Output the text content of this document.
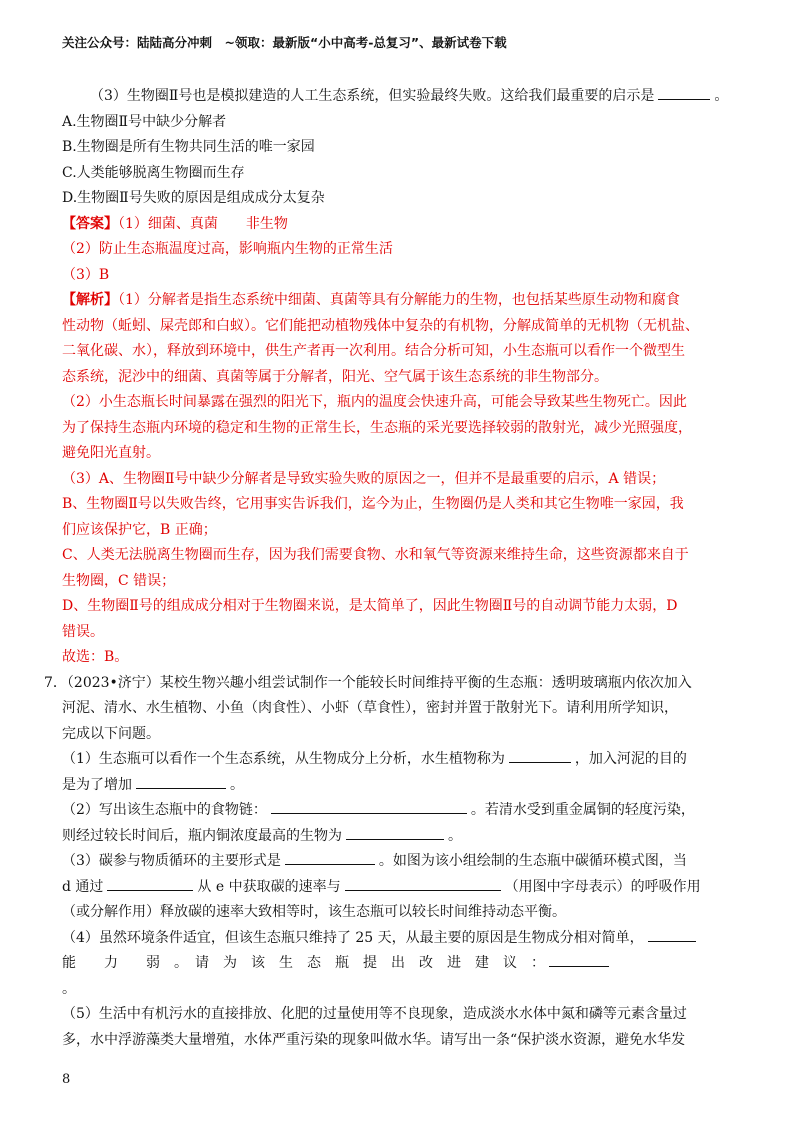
关注公众号：陆陆高分冲刺　~领取：最新版“小中高考-总复习”、最新试卷下载
（3）生物圈Ⅱ号也是模拟建造的人工生态系统，但实验最终失败。这给我们最重要的启示是	。
A.生物圈Ⅱ号中缺少分解者
B.生物圈是所有生物共同生活的唯一家园
C.人类能够脱离生物圈而生存
D.生物圈Ⅱ号失败的原因是组成成分太复杂
【答案】（1）细菌、真菌　　非生物
（2）防止生态瓶温度过高，影响瓶内生物的正常生活
（3）B
【解析】（1）分解者是指生态系统中细菌、真菌等具有分解能力的生物，也包括某些原生动物和腐食
性动物（蚯蚓、屎壳郎和白蚁）。它们能把动植物残体中复杂的有机物，分解成简单的无机物（无机盐、
二氧化碳、水），释放到环境中，供生产者再一次利用。结合分析可知，小生态瓶可以看作一个微型生
态系统，泥沙中的细菌、真菌等属于分解者，阳光、空气属于该生态系统的非生物部分。
（2）小生态瓶长时间暴露在强烈的阳光下，瓶内的温度会快速升高，可能会导致某些生物死亡。因此
为了保持生态瓶内环境的稳定和生物的正常生长，生态瓶的采光要选择较弱的散射光，减少光照强度，
避免阳光直射。
（3）A、生物圈Ⅱ号中缺少分解者是导致实验失败的原因之一，但并不是最重要的启示，A 错误；
B、生物圈Ⅱ号以失败告终，它用事实告诉我们，迄今为止，生物圈仍是人类和其它生物唯一家园，我
们应该保护它，B 正确；
C、人类无法脱离生物圈而生存，因为我们需要食物、水和氧气等资源来维持生命，这些资源都来自于
生物圈，C 错误；
D、生物圈Ⅱ号的组成成分相对于生物圈来说，是太简单了，因此生物圈Ⅱ号的自动调节能力太弱，D
错误。
故选：B。
7．（2023•济宁）某校生物兴趣小组尝试制作一个能较长时间维持平衡的生态瓶：透明玻璃瓶内依次加入
河泥、清水、水生植物、小鱼（肉食性）、小虾（草食性），密封并置于散射光下。请利用所学知识，
完成以下问题。
（1）生态瓶可以看作一个生态系统，从生物成分上分析，水生植物称为	，加入河泥的目的
是为了增加	。
（2）写出该生态瓶中的食物链：	。若清水受到重金属铜的轻度污染，
则经过较长时间后，瓶内铜浓度最高的生物为	。
（3）碳参与物质循环的主要形式是	。如图为该小组绘制的生态瓶中碳循环模式图，当
d 通过	从 e 中获取碳的速率与	（用图中字母表示）的呼吸作用
（或分解作用）释放碳的速率大致相等时，该生态瓶可以较长时间维持动态平衡。
（4）虽然环境条件适宜，但该生态瓶只维持了 25 天，从最主要的原因是生物成分相对简单，
能　　力　　弱　。　请　为　该　生　态　瓶　提　出　改　进　建　议　：
。
（5）生活中有机污水的直接排放、化肥的过量使用等不良现象，造成淡水水体中氮和磷等元素含量过
多，水中浮游藻类大量增殖，水体严重污染的现象叫做水华。请写出一条“保护淡水资源，避免水华发
8
